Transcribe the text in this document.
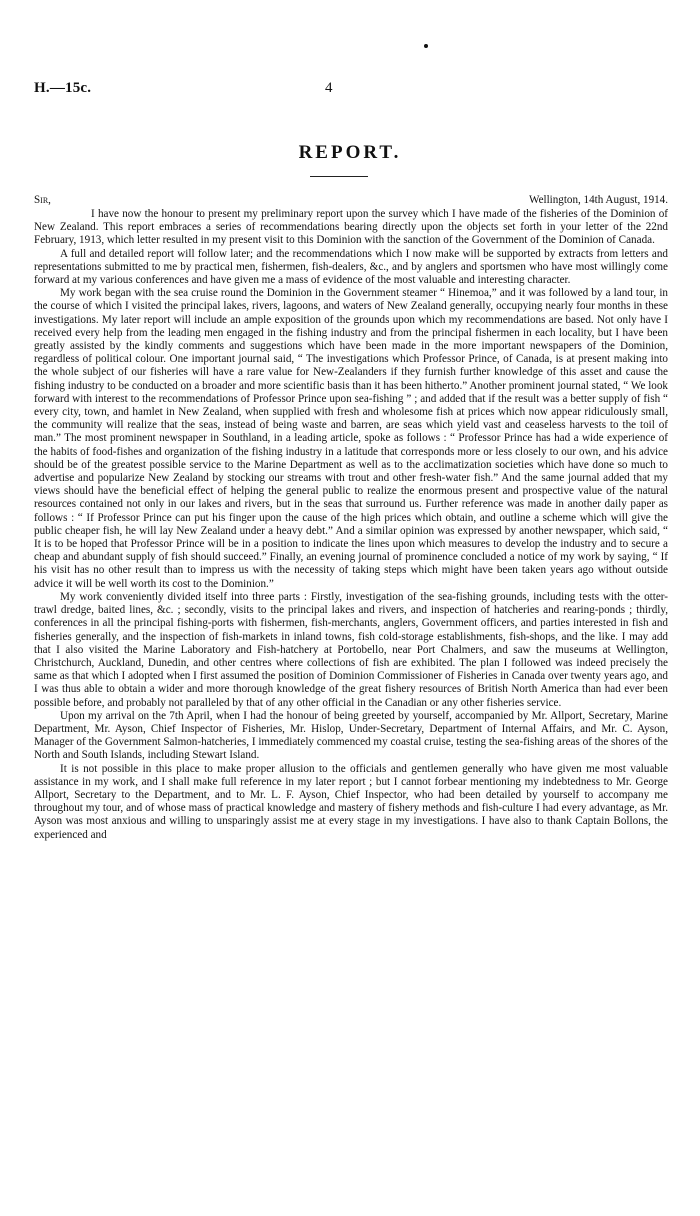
H.—15c.	4
REPORT.
Sir,	Wellington, 14th August, 1914.

I have now the honour to present my preliminary report upon the survey which I have made of the fisheries of the Dominion of New Zealand. This report embraces a series of recommendations bearing directly upon the objects set forth in your letter of the 22nd February, 1913, which letter resulted in my present visit to this Dominion with the sanction of the Government of the Dominion of Canada.

A full and detailed report will follow later; and the recommendations which I now make will be supported by extracts from letters and representations submitted to me by practical men, fishermen, fish-dealers, &c., and by anglers and sportsmen who have most willingly come forward at my various conferences and have given me a mass of evidence of the most valuable and interesting character.

My work began with the sea cruise round the Dominion in the Government steamer “ Hinemoa,” and it was followed by a land tour, in the course of which I visited the principal lakes, rivers, lagoons, and waters of New Zealand generally, occupying nearly four months in these investigations. My later report will include an ample exposition of the grounds upon which my recommendations are based. Not only have I received every help from the leading men engaged in the fishing industry and from the principal fishermen in each locality, but I have been greatly assisted by the kindly comments and suggestions which have been made in the more important newspapers of the Dominion, regardless of political colour. One important journal said, “ The investigations which Professor Prince, of Canada, is at present making into the whole subject of our fisheries will have a rare value for New-Zealanders if they furnish further knowledge of this asset and cause the fishing industry to be conducted on a broader and more scientific basis than it has been hitherto.” Another prominent journal stated, “ We look forward with interest to the recommendations of Professor Prince upon sea-fishing ” ; and added that if the result was a better supply of fish “ every city, town, and hamlet in New Zealand, when supplied with fresh and wholesome fish at prices which now appear ridiculously small, the community will realize that the seas, instead of being waste and barren, are seas which yield vast and ceaseless harvests to the toil of man.” The most prominent newspaper in Southland, in a leading article, spoke as follows : “ Professor Prince has had a wide experience of the habits of food-fishes and organization of the fishing industry in a latitude that corresponds more or less closely to our own, and his advice should be of the greatest possible service to the Marine Department as well as to the acclimatization societies which have done so much to advertise and popularize New Zealand by stocking our streams with trout and other fresh-water fish.” And the same journal added that my views should have the beneficial effect of helping the general public to realize the enormous present and prospective value of the natural resources contained not only in our lakes and rivers, but in the seas that surround us. Further reference was made in another daily paper as follows : “ If Professor Prince can put his finger upon the cause of the high prices which obtain, and outline a scheme which will give the public cheaper fish, he will lay New Zealand under a heavy debt.” And a similar opinion was expressed by another newspaper, which said, “ It is to be hoped that Professor Prince will be in a position to indicate the lines upon which measures to develop the industry and to secure a cheap and abundant supply of fish should succeed.” Finally, an evening journal of prominence concluded a notice of my work by saying, “ If his visit has no other result than to impress us with the necessity of taking steps which might have been taken years ago without outside advice it will be well worth its cost to the Dominion.”

My work conveniently divided itself into three parts : Firstly, investigation of the sea-fishing grounds, including tests with the otter-trawl dredge, baited lines, &c. ; secondly, visits to the principal lakes and rivers, and inspection of hatcheries and rearing-ponds ; thirdly, conferences in all the principal fishing-ports with fishermen, fish-merchants, anglers, Government officers, and parties interested in fish and fisheries generally, and the inspection of fish-markets in inland towns, fish cold-storage establishments, fish-shops, and the like. I may add that I also visited the Marine Laboratory and Fish-hatchery at Portobello, near Port Chalmers, and saw the museums at Wellington, Christchurch, Auckland, Dunedin, and other centres where collections of fish are exhibited. The plan I followed was indeed precisely the same as that which I adopted when I first assumed the position of Dominion Commissioner of Fisheries in Canada over twenty years ago, and I was thus able to obtain a wider and more thorough knowledge of the great fishery resources of British North America than had ever been possible before, and probably not paralleled by that of any other official in the Canadian or any other fisheries service.

Upon my arrival on the 7th April, when I had the honour of being greeted by yourself, accompanied by Mr. Allport, Secretary, Marine Department, Mr. Ayson, Chief Inspector of Fisheries, Mr. Hislop, Under-Secretary, Department of Internal Affairs, and Mr. C. Ayson, Manager of the Government Salmon-hatcheries, I immediately commenced my coastal cruise, testing the sea-fishing areas of the shores of the North and South Islands, including Stewart Island.

It is not possible in this place to make proper allusion to the officials and gentlemen generally who have given me most valuable assistance in my work, and I shall make full reference in my later report ; but I cannot forbear mentioning my indebtedness to Mr. George Allport, Secretary to the Department, and to Mr. L. F. Ayson, Chief Inspector, who had been detailed by yourself to accompany me throughout my tour, and of whose mass of practical knowledge and mastery of fishery methods and fish-culture I had every advantage, as Mr. Ayson was most anxious and willing to unsparingly assist me at every stage in my investigations. I have also to thank Captain Bollons, the experienced and
